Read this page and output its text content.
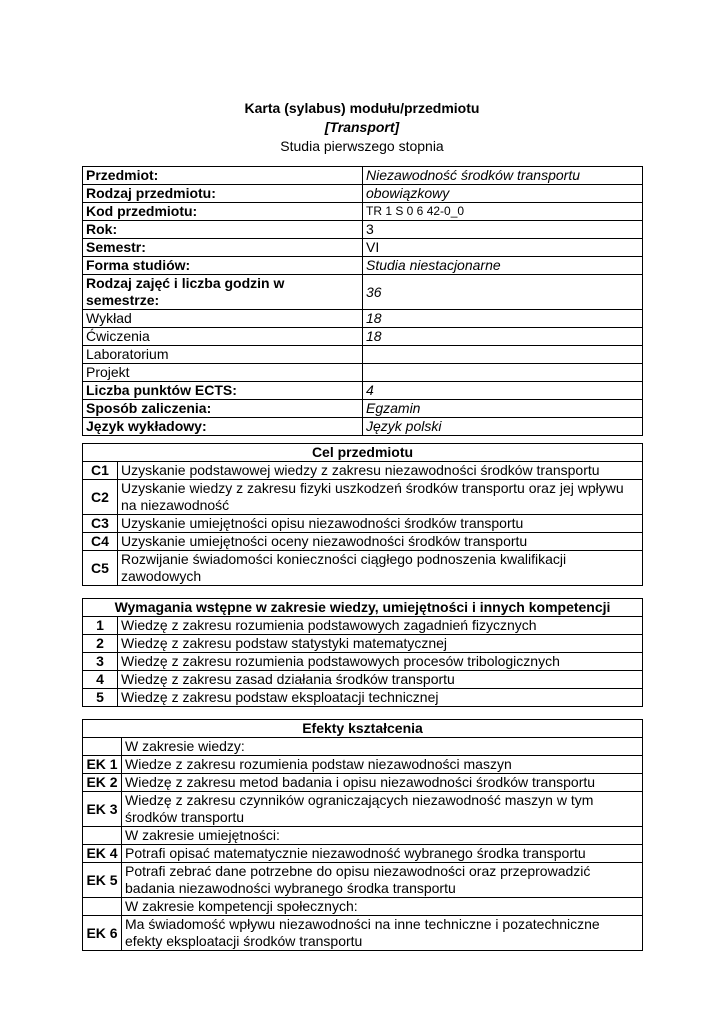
Karta (sylabus) modułu/przedmiotu
[Transport]
Studia pierwszego stopnia
Przedmiot:	Niezawodność środków transportu
Rodzaj przedmiotu:	obowiązkowy
Kod przedmiotu:	TR 1 S 0 6 42-0_0
Rok:	3
Semestr:	VI
Forma studiów:	Studia niestacjonarne
Rodzaj zajęć i liczba godzin w semestrze:	36
Wykład	18
Ćwiczenia	18
Laboratorium	
Projekt	
Liczba punktów ECTS:	4
Sposób zaliczenia:	Egzamin
Język wykładowy:	Język polski
Cel przedmiotu	
C1	Uzyskanie podstawowej wiedzy z zakresu niezawodności środków transportu
C2	Uzyskanie wiedzy z zakresu fizyki uszkodzeń środków transportu oraz jej wpływu na niezawodność
C3	Uzyskanie umiejętności opisu niezawodności środków transportu
C4	Uzyskanie umiejętności oceny niezawodności środków transportu
C5	Rozwijanie świadomości konieczności ciągłego podnoszenia kwalifikacji zawodowych
Wymagania wstępne w zakresie wiedzy, umiejętności i innych kompetencji	
1	Wiedzę z zakresu rozumienia podstawowych zagadnień fizycznych
2	Wiedzę z zakresu podstaw statystyki matematycznej
3	Wiedzę z zakresu rozumienia podstawowych procesów tribologicznych
4	Wiedzę z zakresu zasad działania środków transportu
5	Wiedzę z zakresu podstaw eksploatacji technicznej
Efekty kształcenia	
	W zakresie wiedzy:
EK 1	Wiedze z zakresu rozumienia podstaw niezawodności maszyn
EK 2	Wiedzę z zakresu metod badania i opisu niezawodności środków transportu
EK 3	Wiedzę z zakresu czynników ograniczających niezawodność maszyn w tym środków transportu
	W zakresie umiejętności:
EK 4	Potrafi opisać matematycznie niezawodność wybranego środka transportu
EK 5	Potrafi zebrać dane potrzebne do opisu niezawodności oraz przeprowadzić badania niezawodności wybranego środka transportu
	W zakresie kompetencji społecznych:
EK 6	Ma świadomość wpływu niezawodności na inne techniczne i pozatechniczne efekty eksploatacji środków transportu
